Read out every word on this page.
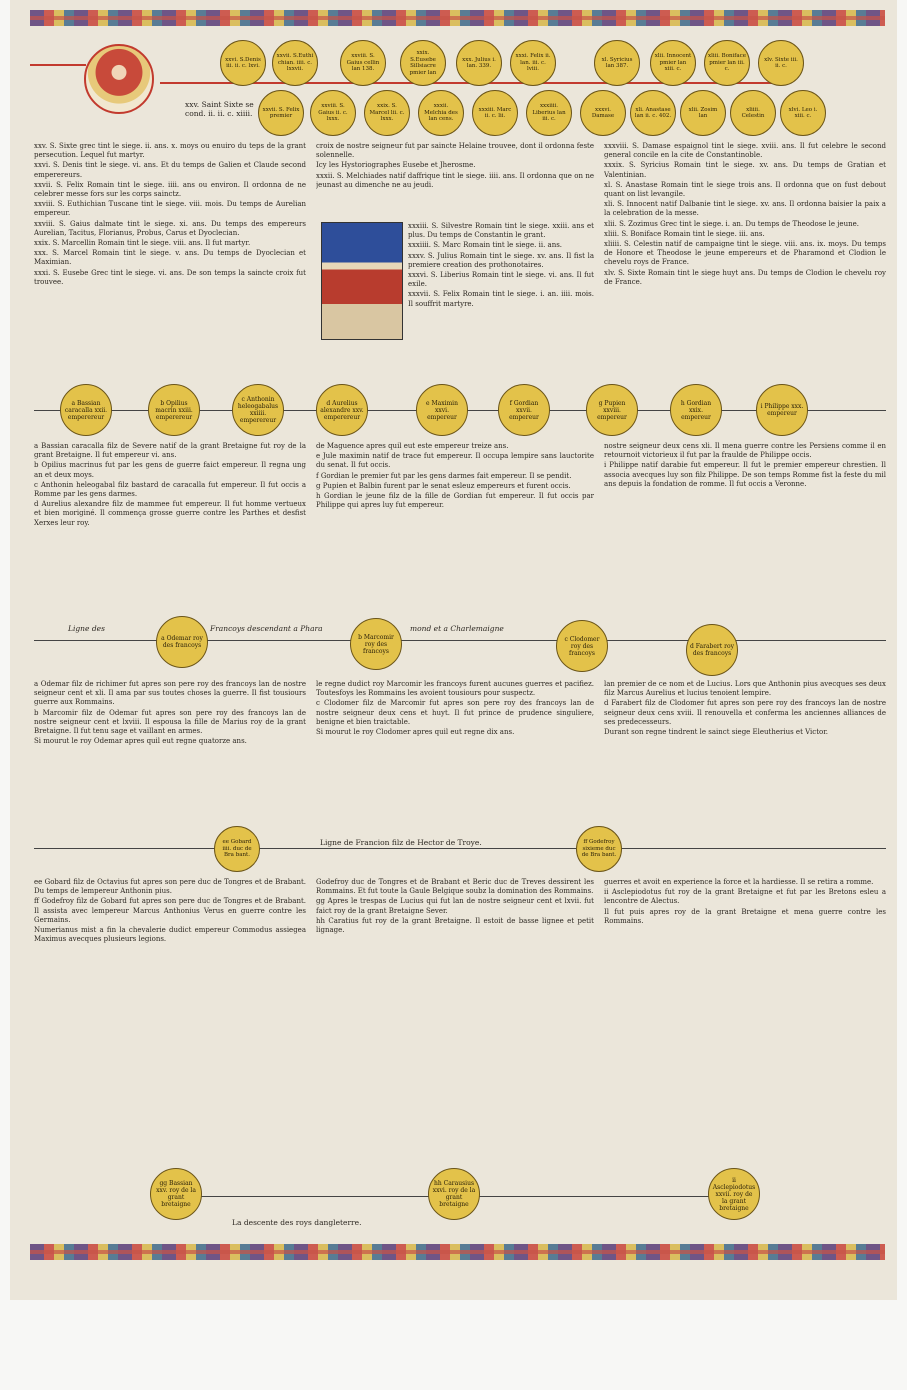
xxv. Saint Sixte se cond. ii. ii. c. xiiii.
xxvi. S.Denis iii. ii. c. lxvi.
xxvii. S.Euthi chian. iiii. c. lxxvii.
xxviii. S. Gaius cellin lan 138.
xxix. S.Eusebe Sillsiacre pmier lan
xxx. Julius i. lan. 339.
xxxi. Felix ii. lan. iii. c. lviii.
xl. Syricius lan 387.
xlii. Innocent pmier lan xiii. c.
xliii. Boniface pmier lan iii. c.
xlv. Sixte iii. ii. c.
xxvii. S. Felix premier
xxviii. S. Gaius ii. c. lxxx.
xxix. S. Marcel lii. c. lxxx.
xxxii. Melchia des lan cens.
xxxiii. Marc ii. c. lii.
xxxiiii. Liberius lan iii. c.
xxxvi. Damase
xli. Anastase lan ii. c. 402.
xlii. Zosim lan
xliiii. Celestin
xlvi. Leo i. xiii. c.

xxv. S. Sixte grec tint le siege. ii. ans. x. moys ou enuiro du teps de la grant persecution. Lequel fut martyr.

xxvi. S. Denis tint le siege. vi. ans. Et du temps de Galien et Claude second emperereurs.

xxvii. S. Felix Romain tint le siege. iiii. ans ou environ. Il ordonna de ne celebrer messe fors sur les corps sainctz.

xxviii. S. Euthichian Tuscane tint le siege. viii. mois. Du temps de Aurelian empereur.

xxviii. S. Gaius dalmate tint le siege. xi. ans. Du temps des empereurs Aurelian, Tacitus, Florianus, Probus, Carus et Dyoclecian.

xxix. S. Marcellin Romain tint le siege. viii. ans. Il fut martyr.

xxx. S. Marcel Romain tint le siege. v. ans. Du temps de Dyoclecian et Maximian.

xxxi. S. Eusebe Grec tint le siege. vi. ans. De son temps la saincte croix fut trouvee.

croix de nostre seigneur fut par saincte Helaine trouvee, dont il ordonna feste solennelle.

Icy les Hystoriographes Eusebe et Jherosme.

xxxii. S. Melchiades natif daffrique tint le siege. iiii. ans. Il ordonna que on ne jeunast au dimenche ne au jeudi.

xxxiii. S. Silvestre Romain tint le siege. xxiii. ans et plus. Du temps de Constantin le grant.

xxxiiii. S. Marc Romain tint le siege. ii. ans.

xxxv. S. Julius Romain tint le siege. xv. ans. Il fist la premiere creation des prothonotaires.

xxxvi. S. Liberius Romain tint le siege. vi. ans. Il fut exile.

xxxvii. S. Felix Romain tint le siege. i. an. iiii. mois. Il souffrit martyre.

xxxviii. S. Damase espaignol tint le siege. xviii. ans. Il fut celebre le second general concile en la cite de Constantinoble.

xxxix. S. Syricius Romain tint le siege. xv. ans. Du temps de Gratian et Valentinian.

xl. S. Anastase Romain tint le siege trois ans. Il ordonna que on fust debout quant on list levangile.

xli. S. Innocent natif Dalbanie tint le siege. xv. ans. Il ordonna baisier la paix a la celebration de la messe.

xlii. S. Zozimus Grec tint le siege. i. an. Du temps de Theodose le jeune.

xliii. S. Boniface Romain tint le siege. iii. ans.

xliiii. S. Celestin natif de campaigne tint le siege. viii. ans. ix. moys. Du temps de Honore et Theodose le jeune empereurs et de Pharamond et Clodion le chevelu roys de France.

xlv. S. Sixte Romain tint le siege huyt ans. Du temps de Clodion le chevelu roy de France.

a Bassian caracalla xxii. emperereur
b Opilius macrin xxiii. emperereur
c Anthonin heleogabalus xxiiii. emperereur
d Aurelius alexandre xxv. emperereur
e Maximin xxvi. empereur
f Gordian xxvii. empereur
g Pupien xxviii. empereur
h Gordian xxix. empereur
i Philippe xxx. empereur

a Bassian caracalla filz de Severe natif de la grant Bretaigne fut roy de la grant Bretaigne. Il fut empereur vi. ans.

b Opilius macrinus fut par les gens de guerre faict empereur. Il regna ung an et deux moys.

c Anthonin heleogabal filz bastard de caracalla fut empereur. Il fut occis a Romme par les gens darmes.

d Aurelius alexandre filz de mammee fut empereur. Il fut homme vertueux et bien moriginé. Il commença grosse guerre contre les Parthes et desfist Xerxes leur roy.

de Maguence apres quil eut este empereur treize ans.

e Jule maximin natif de trace fut empereur. Il occupa lempire sans lauctorite du senat. Il fut occis.

f Gordian le premier fut par les gens darmes fait empereur. Il se pendit.

g Pupien et Balbin furent par le senat esleuz empereurs et furent occis.

h Gordian le jeune filz de la fille de Gordian fut empereur. Il fut occis par Philippe qui apres luy fut empereur.

nostre seigneur deux cens xli. Il mena guerre contre les Persiens comme il en retournoit victorieux il fut par la fraulde de Philippe occis.

i Philippe natif darabie fut empereur. Il fut le premier empereur chrestien. Il associa avecques luy son filz Philippe. De son temps Romme fist la feste du mil ans depuis la fondation de romme. Il fut occis a Veronne.

Ligne des	Francoys descendant a Phara	mond et a Charlemaigne
a Odemar roy des francoys
b Marcomir roy des francoys
c Clodomer roy des francoys
d Farabert roy des francoys

a Odemar filz de richimer fut apres son pere roy des francoys lan de nostre seigneur cent et xli. Il ama par sus toutes choses la guerre. Il fist tousiours guerre aux Rommains.

b Marcomir filz de Odemar fut apres son pere roy des francoys lan de nostre seigneur cent et lxviii. Il espousa la fille de Marius roy de la grant Bretaigne. Il fut tenu sage et vaillant en armes.

Si mourut le roy Odemar apres quil eut regne quatorze ans.

le regne dudict roy Marcomir les francoys furent aucunes guerres et pacifiez. Toutesfoys les Rommains les avoient tousiours pour suspectz.

c Clodomer filz de Marcomir fut apres son pere roy des francoys lan de nostre seigneur deux cens et huyt. Il fut prince de prudence singuliere, benigne et bien traictable.

Si mourut le roy Clodomer apres quil eut regne dix ans.

lan premier de ce nom et de Lucius. Lors que Anthonin pius avecques ses deux filz Marcus Aurelius et lucius tenoient lempire.

d Farabert filz de Clodomer fut apres son pere roy des francoys lan de nostre seigneur deux cens xviii. Il renouvella et conferma les anciennes alliances de ses predecesseurs.

Durant son regne tindrent le sainct siege Eleutherius et Victor.

Ligne de Francion filz de Hector de Troye.
ee Gobard iiii. duc de Bra bant.
ff Godefroy sixieme duc de Bra bant.

ee Gobard filz de Octavius fut apres son pere duc de Tongres et de Brabant. Du temps de lempereur Anthonin pius.

ff Godefroy filz de Gobard fut apres son pere duc de Tongres et de Brabant. Il assista avec lempereur Marcus Anthonius Verus en guerre contre les Germains.

Numerianus mist a fin la chevalerie dudict empereur Commodus assiegea Maximus avecques plusieurs legions.

Godefroy duc de Tongres et de Brabant et Beric duc de Treves dessirent les Rommains. Et fut toute la Gaule Belgique soubz la domination des Rommains.

gg Apres le trespas de Lucius qui fut lan de nostre seigneur cent et lxvii. fut faict roy de la grant Bretaigne Sever.

hh Caratius fut roy de la grant Bretaigne. Il estoit de basse lignee et petit lignage.

guerres et avoit en experience la force et la hardiesse. Il se retira a romme.

ii Asclepiodotus fut roy de la grant Bretaigne et fut par les Bretons esleu a lencontre de Alectus.

Il fut puis apres roy de la grant Bretaigne et mena guerre contre les Rommains.

gg Bassian xxv. roy de la grant bretaigne
hh Carausius xxvi. roy de la grant bretaigne
ii Asclepiodotus xxvii. roy de la grant bretaigne
La descente des roys dangleterre.
